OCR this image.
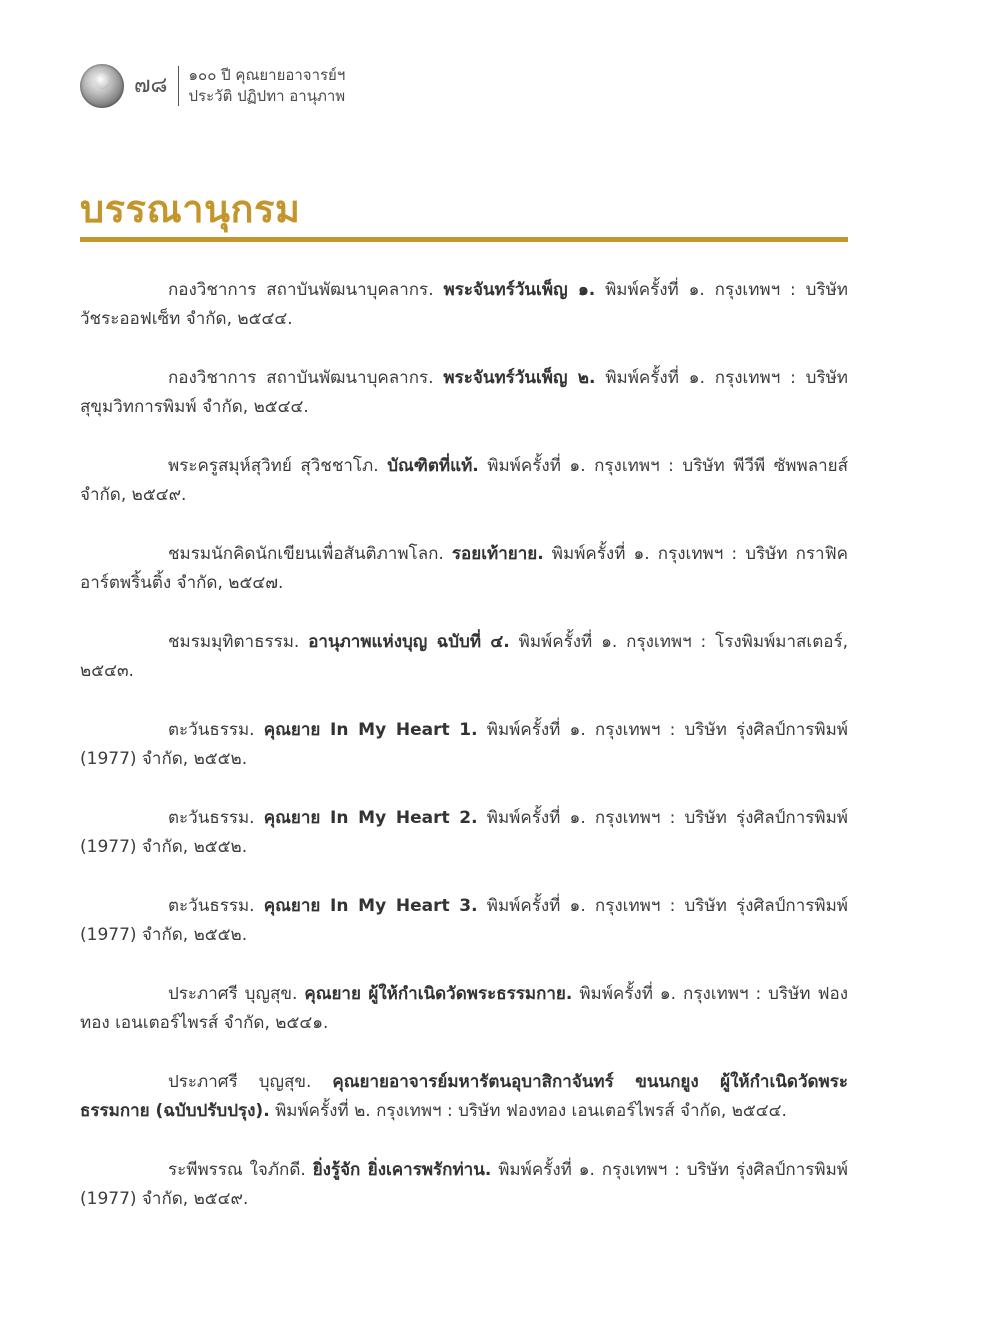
๗๘	๑๐๐ ปี คุณยายอาจารย์ฯ
ประวัติ ปฏิปทา อานุภาพ
บรรณานุกรม

กองวิชาการ สถาบันพัฒนาบุคลากร. พระจันทร์วันเพ็ญ ๑. พิมพ์ครั้งที่ ๑. กรุงเทพฯ : บริษัท วัชระออฟเซ็ท จำกัด, ๒๕๔๔.

กองวิชาการ สถาบันพัฒนาบุคลากร. พระจันทร์วันเพ็ญ ๒. พิมพ์ครั้งที่ ๑. กรุงเทพฯ : บริษัท สุขุมวิทการพิมพ์ จำกัด, ๒๕๔๔.

พระครูสมุห์สุวิทย์ สุวิชชาโภ. บัณฑิตที่แท้. พิมพ์ครั้งที่ ๑. กรุงเทพฯ : บริษัท พีวีพี ซัพพลายส์ จำกัด, ๒๕๔๙.

ชมรมนักคิดนักเขียนเพื่อสันติภาพโลก. รอยเท้ายาย. พิมพ์ครั้งที่ ๑. กรุงเทพฯ : บริษัท กราฟิคอาร์ตพริ้นติ้ง จำกัด, ๒๕๔๗.

ชมรมมุทิตาธรรม. อานุภาพแห่งบุญ ฉบับที่ ๔. พิมพ์ครั้งที่ ๑. กรุงเทพฯ : โรงพิมพ์มาสเตอร์, ๒๕๔๓.

ตะวันธรรม. คุณยาย In My Heart 1. พิมพ์ครั้งที่ ๑. กรุงเทพฯ : บริษัท รุ่งศิลป์การพิมพ์ (1977) จำกัด, ๒๕๕๒.

ตะวันธรรม. คุณยาย In My Heart 2. พิมพ์ครั้งที่ ๑. กรุงเทพฯ : บริษัท รุ่งศิลป์การพิมพ์ (1977) จำกัด, ๒๕๕๒.

ตะวันธรรม. คุณยาย In My Heart 3. พิมพ์ครั้งที่ ๑. กรุงเทพฯ : บริษัท รุ่งศิลป์การพิมพ์ (1977) จำกัด, ๒๕๕๒.

ประภาศรี บุญสุข. คุณยาย ผู้ให้กำเนิดวัดพระธรรมกาย. พิมพ์ครั้งที่ ๑. กรุงเทพฯ : บริษัท ฟองทอง เอนเตอร์ไพรส์ จำกัด, ๒๕๔๑.

ประภาศรี บุญสุข. คุณยายอาจารย์มหารัตนอุบาสิกาจันทร์ ขนนกยูง ผู้ให้กำเนิดวัดพระธรรมกาย (ฉบับปรับปรุง). พิมพ์ครั้งที่ ๒. กรุงเทพฯ : บริษัท ฟองทอง เอนเตอร์ไพรส์ จำกัด, ๒๕๔๔.

ระพีพรรณ ใจภักดี. ยิ่งรู้จัก ยิ่งเคารพรักท่าน. พิมพ์ครั้งที่ ๑. กรุงเทพฯ : บริษัท รุ่งศิลป์การพิมพ์ (1977) จำกัด, ๒๕๔๙.
